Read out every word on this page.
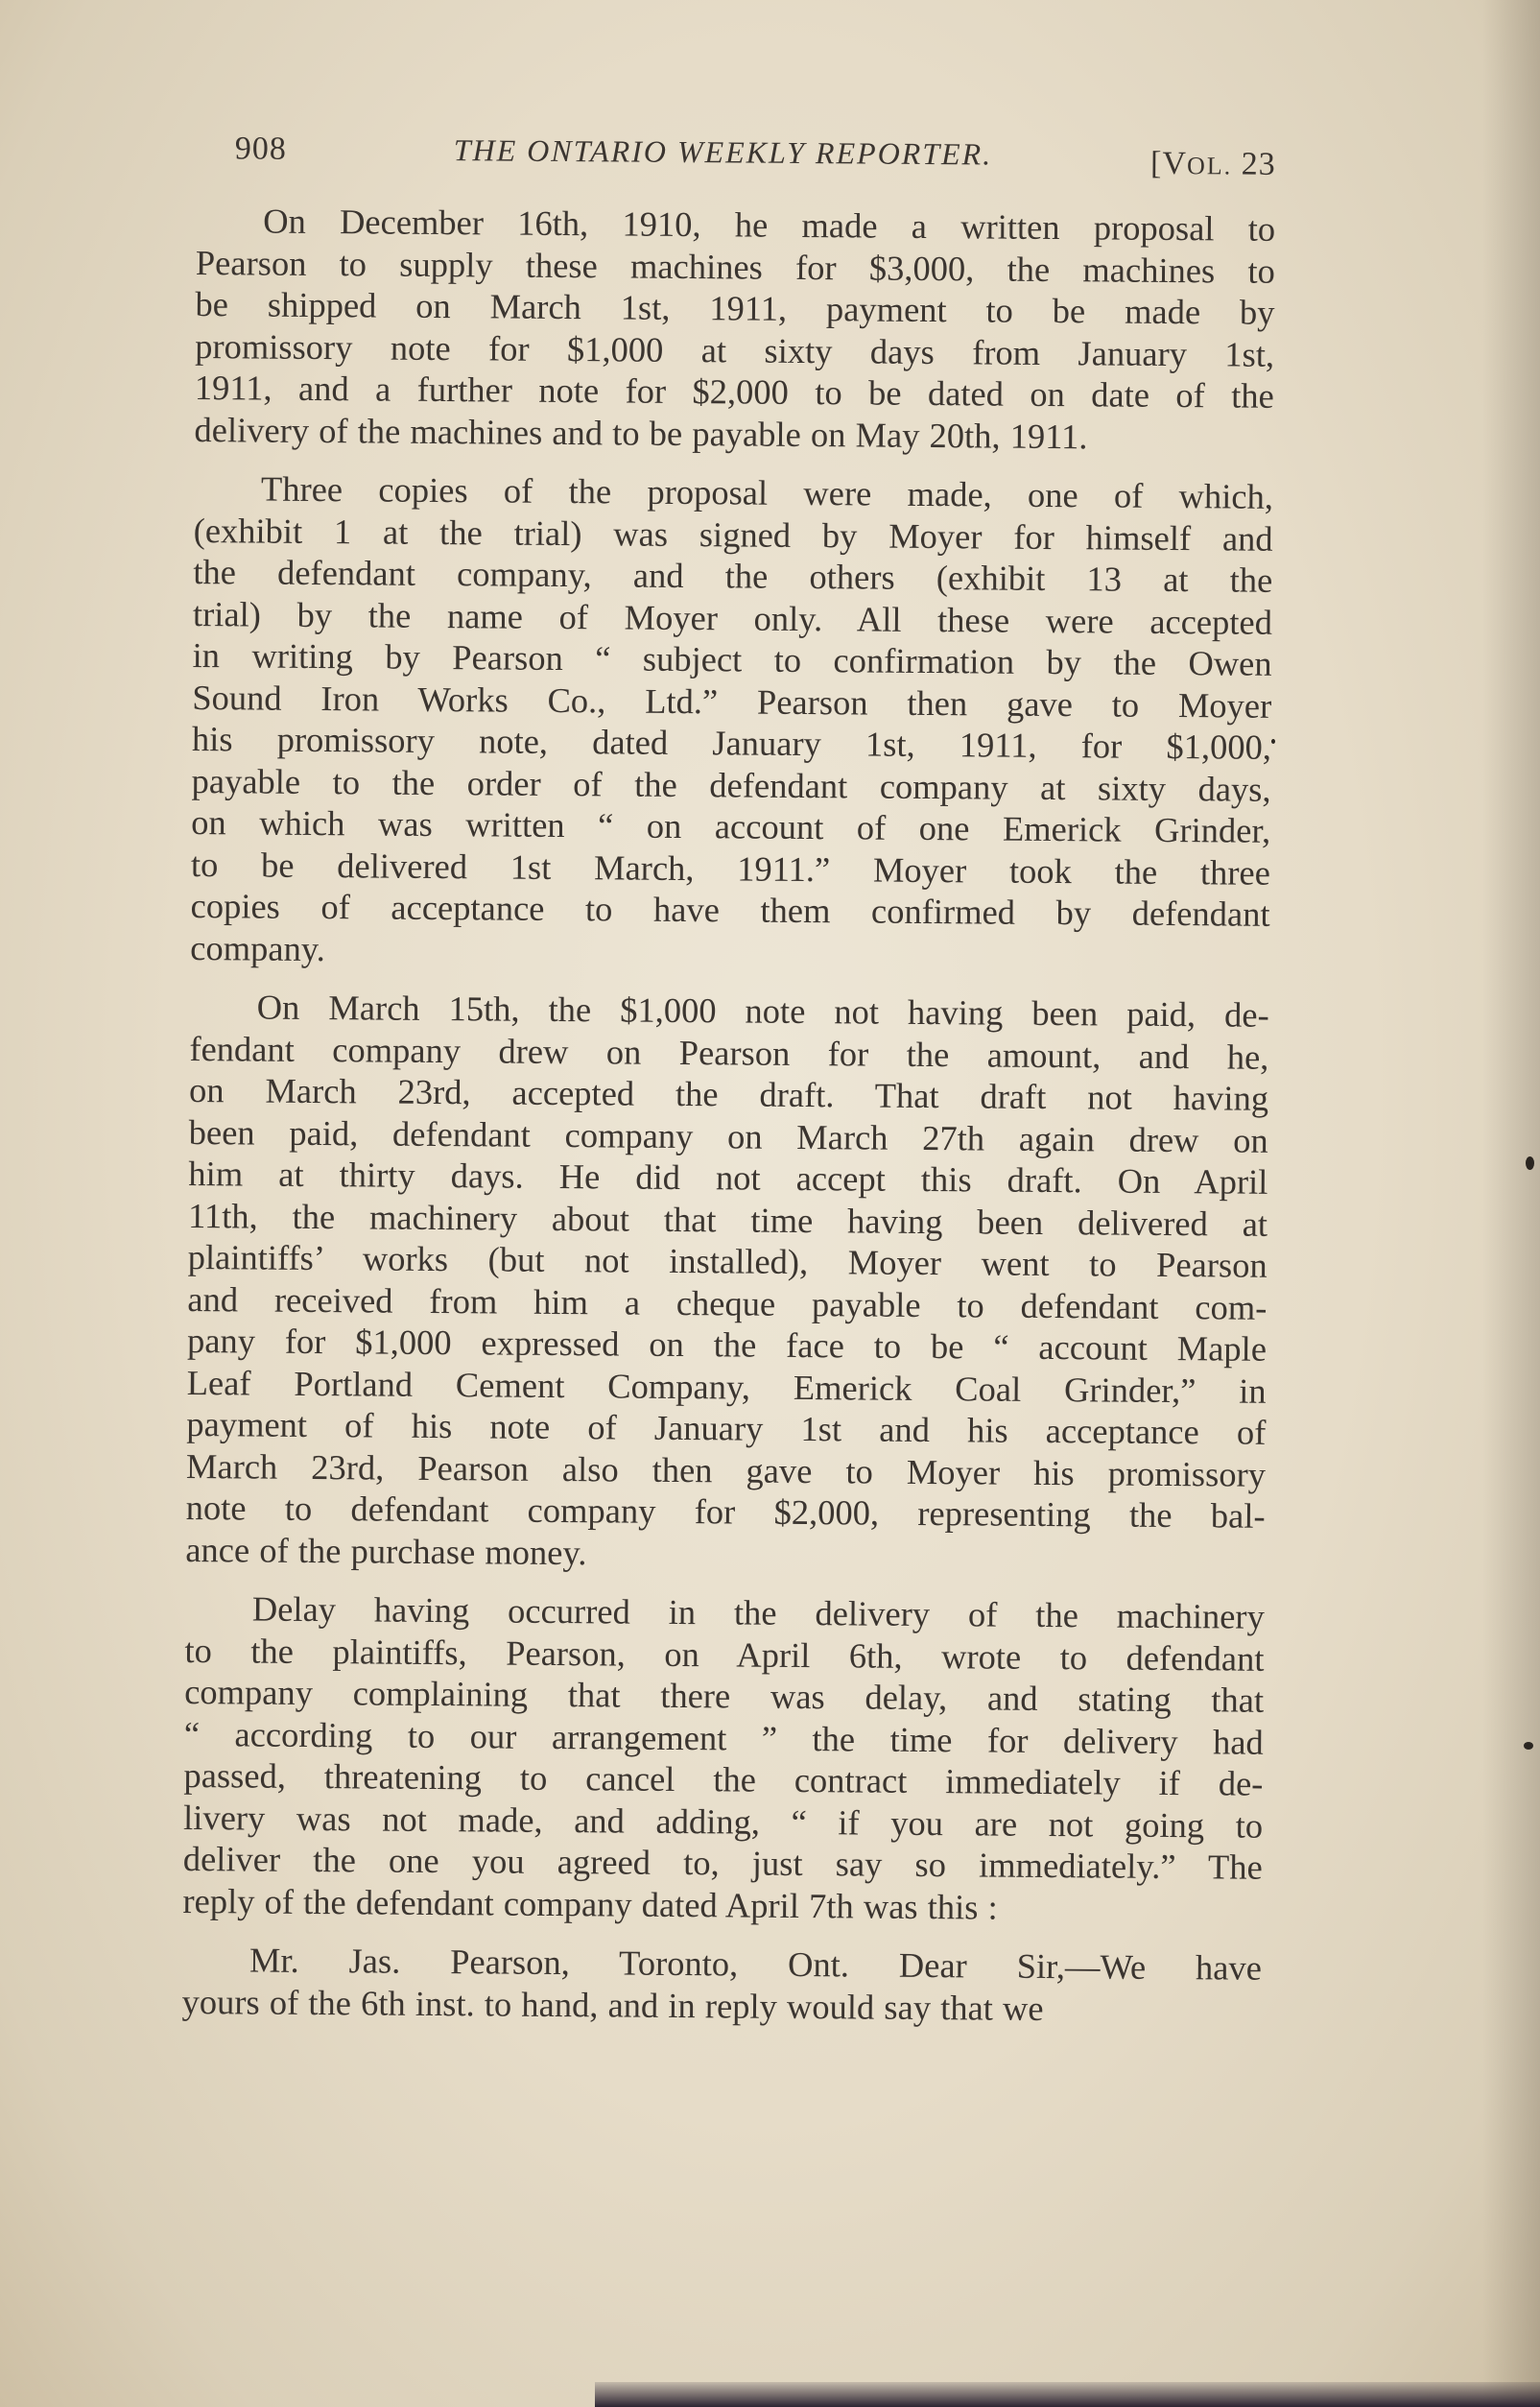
908	THE ONTARIO WEEKLY REPORTER.	[VOL. 23
On December 16th, 1910, he made a written proposal to
Pearson to supply these machines for $3,000, the machines to
be shipped on March 1st, 1911, payment to be made by
promissory note for $1,000 at sixty days from January 1st,
1911, and a further note for $2,000 to be dated on date of the
delivery of the machines and to be payable on May 20th, 1911.
Three copies of the proposal were made, one of which,
(exhibit 1 at the trial) was signed by Moyer for himself and
the defendant company, and the others (exhibit 13 at the
trial) by the name of Moyer only. All these were accepted
in writing by Pearson “ subject to confirmation by the Owen
Sound Iron Works Co., Ltd.” Pearson then gave to Moyer
his promissory note, dated January 1st, 1911, for $1,000,
payable to the order of the defendant company at sixty days,
on which was written “ on account of one Emerick Grinder,
to be delivered 1st March, 1911.” Moyer took the three
copies of acceptance to have them confirmed by defendant
company.
On March 15th, the $1,000 note not having been paid, de-
fendant company drew on Pearson for the amount, and he,
on March 23rd, accepted the draft. That draft not having
been paid, defendant company on March 27th again drew on
him at thirty days. He did not accept this draft. On April
11th, the machinery about that time having been delivered at
plaintiffs’ works (but not installed), Moyer went to Pearson
and received from him a cheque payable to defendant com-
pany for $1,000 expressed on the face to be “ account Maple
Leaf Portland Cement Company, Emerick Coal Grinder,” in
payment of his note of January 1st and his acceptance of
March 23rd, Pearson also then gave to Moyer his promissory
note to defendant company for $2,000, representing the bal-
ance of the purchase money.
Delay having occurred in the delivery of the machinery
to the plaintiffs, Pearson, on April 6th, wrote to defendant
company complaining that there was delay, and stating that
“ according to our arrangement ” the time for delivery had
passed, threatening to cancel the contract immediately if de-
livery was not made, and adding, “ if you are not going to
deliver the one you agreed to, just say so immediately.” The
reply of the defendant company dated April 7th was this :
Mr. Jas. Pearson, Toronto, Ont. Dear Sir,—We have
yours of the 6th inst. to hand, and in reply would say that we
